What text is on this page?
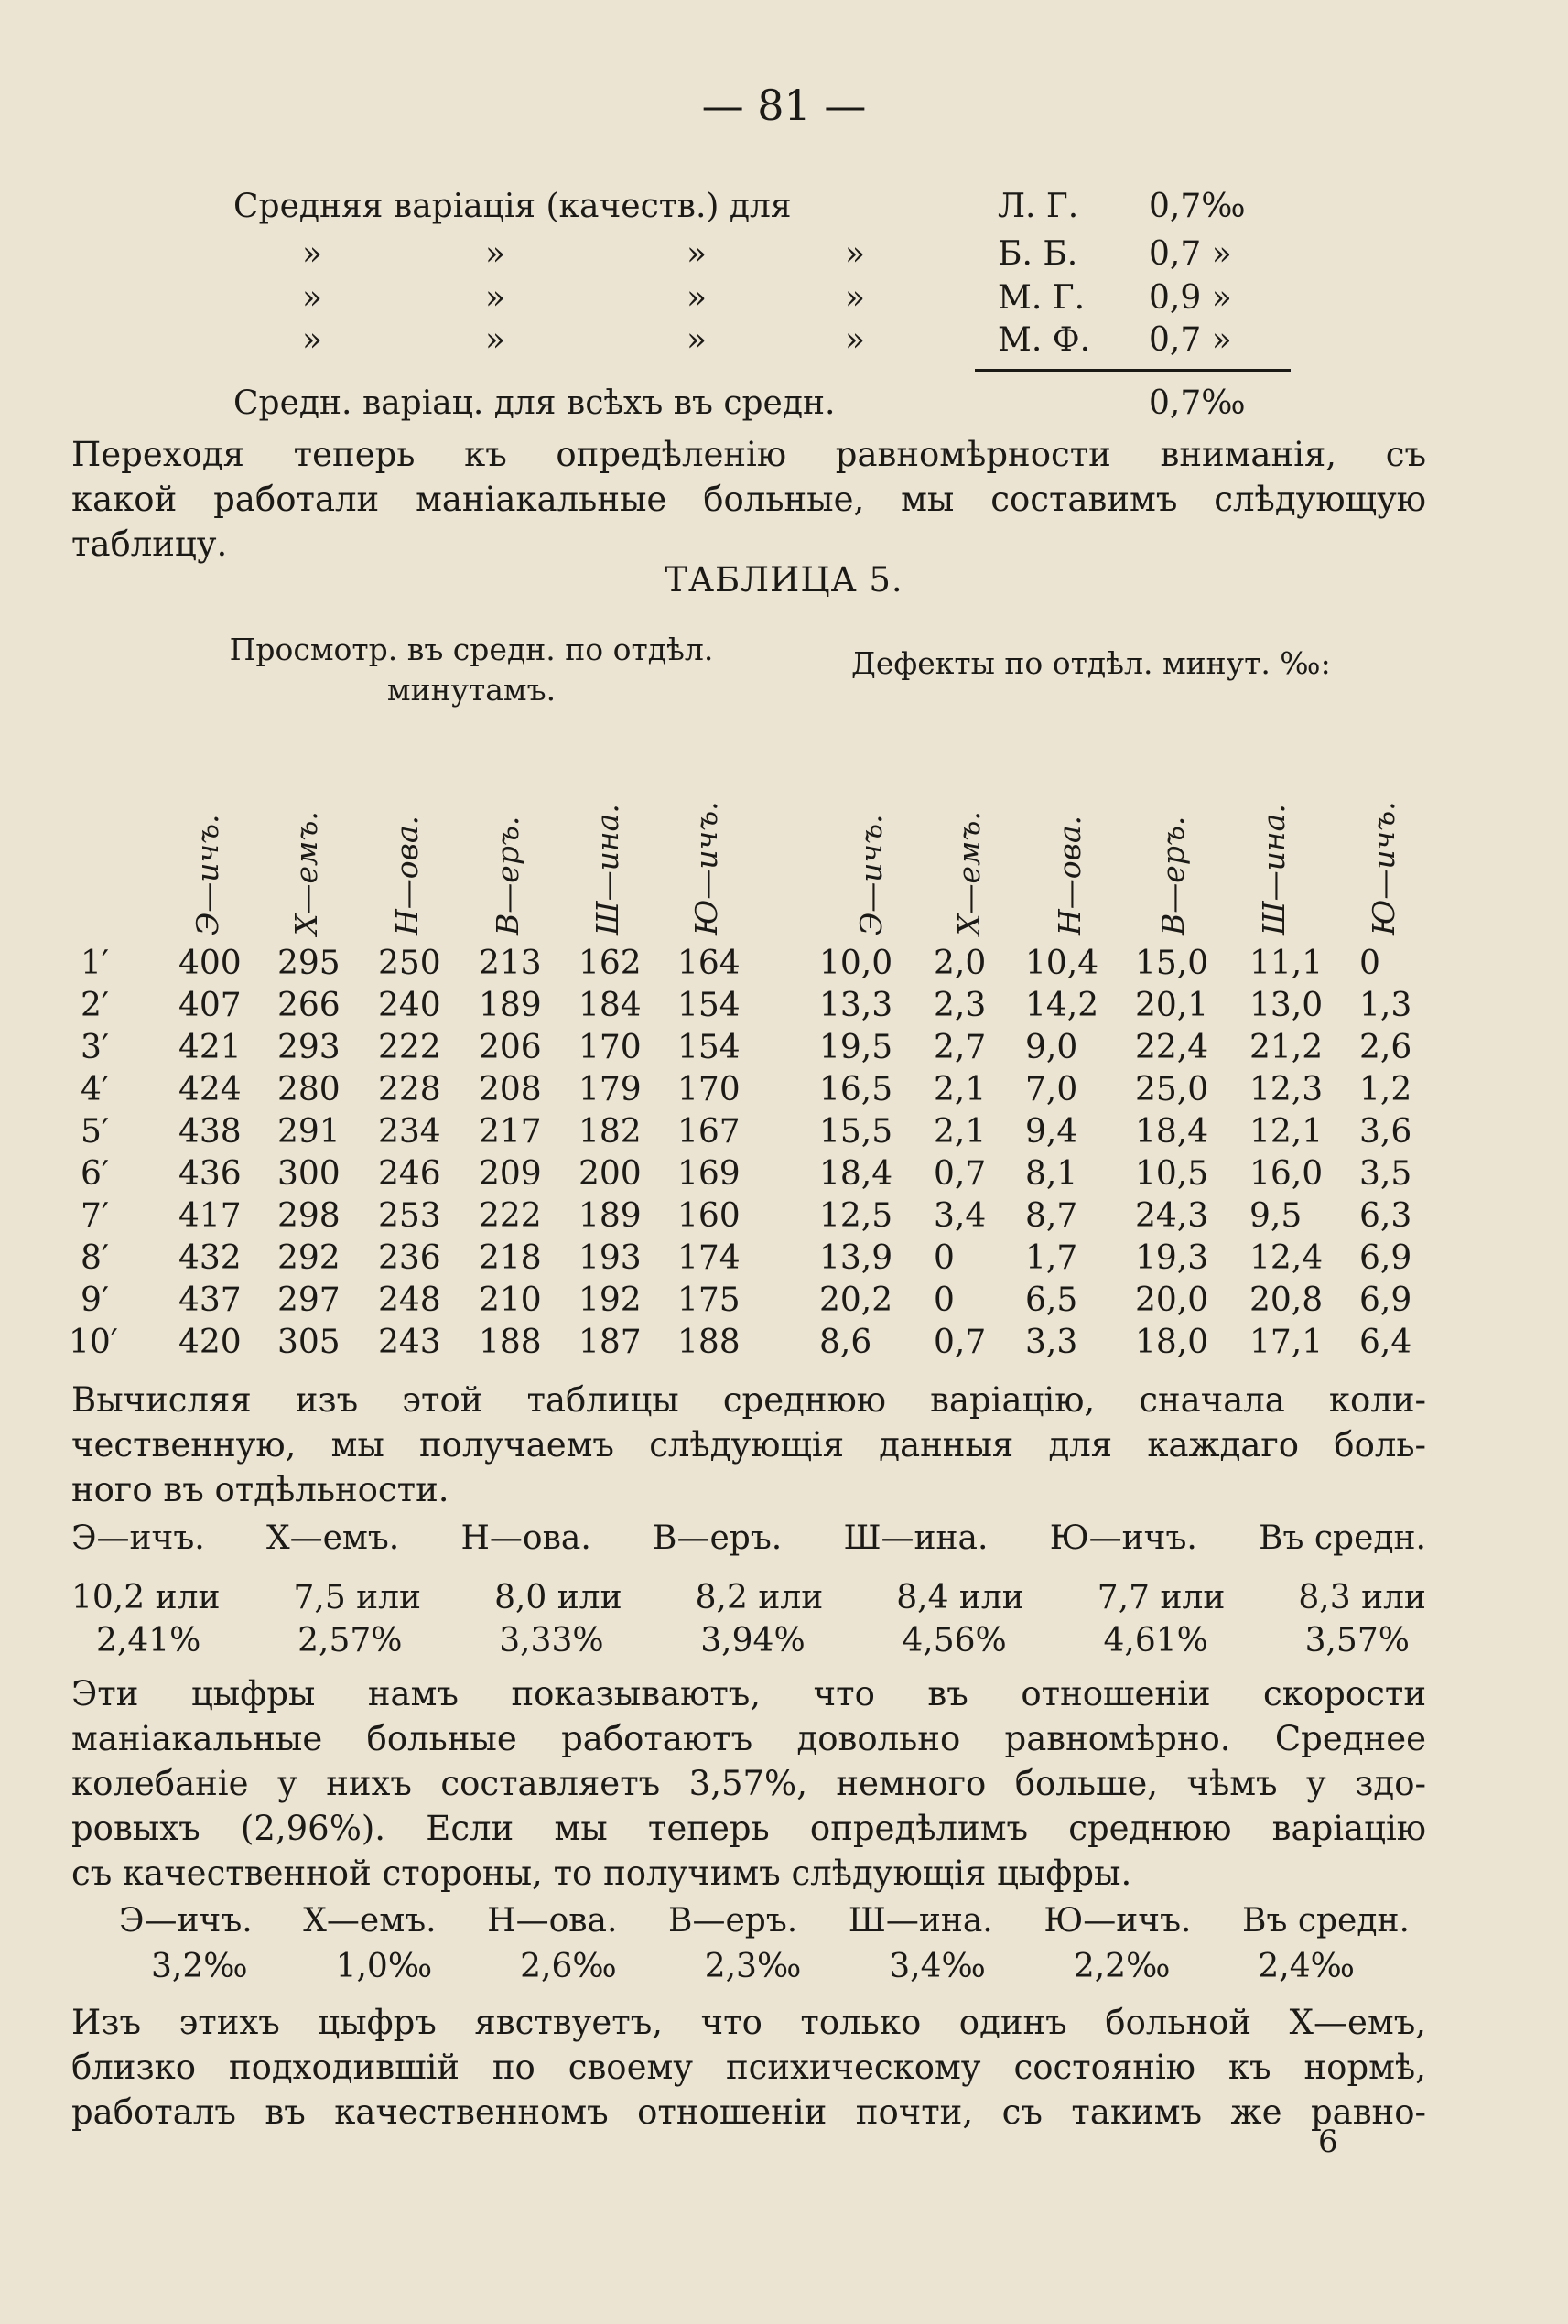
— 81 —
Средняя варіація (качеств.) для	Л. Г. 0,7‰
»	»	»	»	Б. Б. 0,7 »
»	»	»	»	М. Г. 0,9 »
»	»	»	»	М. Ф. 0,7 »
Средн. варіац. для всѣхъ въ средн.	0,7‰
Переходя теперь къ опредѣленію равномѣрности вниманія, съ
какой работали маніакальные больные, мы составимъ слѣдующую
таблицу.
ТАБЛИЦА 5.
Просмотр. въ средн. по отдѣл.
минутамъ.
Дефекты по отдѣл. минут. ‰:
Э—ичъ. Х—емъ. Н—ова. В—еръ. Ш—ина. Ю—ичъ.	Э—ичъ. Х—емъ. Н—ова. В—еръ. Ш—ина. Ю—ичъ.
1′ 400 295 250 213 162 164 10,0 2,0 10,4 15,0 11,1 0
2′ 407 266 240 189 184 154 13,3 2,3 14,2 20,1 13,0 1,3
3′ 421 293 222 206 170 154 19,5 2,7 9,0 22,4 21,2 2,6
4′ 424 280 228 208 179 170 16,5 2,1 7,0 25,0 12,3 1,2
5′ 438 291 234 217 182 167 15,5 2,1 9,4 18,4 12,1 3,6
6′ 436 300 246 209 200 169 18,4 0,7 8,1 10,5 16,0 3,5
7′ 417 298 253 222 189 160 12,5 3,4 8,7 24,3 9,5 6,3
8′ 432 292 236 218 193 174 13,9 0 1,7 19,3 12,4 6,9
9′ 437 297 248 210 192 175 20,2 0 6,5 20,0 20,8 6,9
10′ 420 305 243 188 187 188 8,6 0,7 3,3 18,0 17,1 6,4
Вычисляя изъ этой таблицы среднюю варіацію, сначала коли-
чественную, мы получаемъ слѣдующія данныя для каждаго боль-
ного въ отдѣльности.
Э—ичъ. Х—емъ. Н—ова. В—еръ. Ш—ина. Ю—ичъ. Въ средн.
10,2 или 7,5 или 8,0 или 8,2 или 8,4 или 7,7 или 8,3 или
2,41%	2,57%	3,33%	3,94%	4,56%	4,61%	3,57%
Эти цыфры намъ показываютъ, что въ отношеніи скорости
маніакальные больные работаютъ довольно равномѣрно. Среднее
колебаніе у нихъ составляетъ 3,57%, немного больше, чѣмъ у здо-
ровыхъ (2,96%). Если мы теперь опредѣлимъ среднюю варіацію
съ качественной стороны, то получимъ слѣдующія цыфры.
Э—ичъ. Х—емъ. Н—ова. В—еръ. Ш—ина. Ю—ичъ. Въ средн.
3,2‰	1,0‰	2,6‰	2,3‰	3,4‰	2,2‰	2,4‰
Изъ этихъ цыфръ явствуетъ, что только одинъ больной Х—емъ,
близко подходившій по своему психическому состоянію къ нормѣ,
работалъ въ качественномъ отношеніи почти, съ такимъ же равно-
6
